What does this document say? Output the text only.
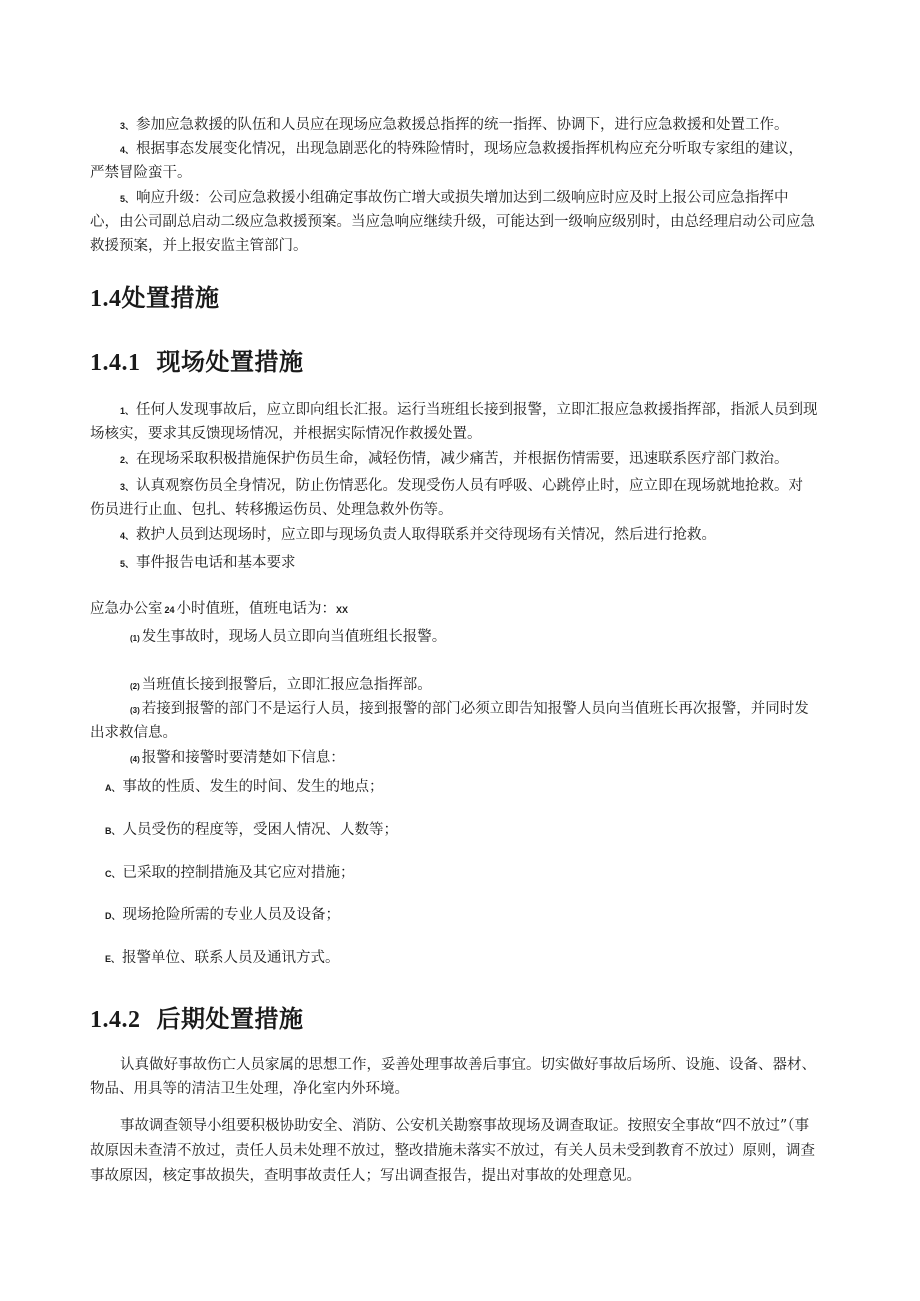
3、 参加应急救援的队伍和人员应在现场应急救援总指挥的统一指挥、协调下，进行应急救援和处置工作。

4、 根据事态发展变化情况，出现急剧恶化的特殊险情时，现场应急救援指挥机构应充分听取专家组的建议，

严禁冒险蛮干。

5、 响应升级：公司应急救援小组确定事故伤亡增大或损失增加达到二级响应时应及时上报公司应急指挥中

心，由公司副总启动二级应急救援预案。当应急响应继续升级，可能达到一级响应级别时，由总经理启动公司应急

救援预案，并上报安监主管部门。

1.4处置措施
1.4.1 现场处置措施

1、 任何人发现事故后，应立即向组长汇报。运行当班组长接到报警，立即汇报应急救援指挥部，指派人员到现

场核实，要求其反馈现场情况，并根据实际情况作救援处置。

2、 在现场采取积极措施保护伤员生命，减轻伤情，减少痛苦，并根据伤情需要，迅速联系医疗部门救治。

3、 认真观察伤员全身情况，防止伤情恶化。发现受伤人员有呼吸、心跳停止时，应立即在现场就地抢救。对

伤员进行止血、包扎、转移搬运伤员、处理急救外伤等。

4、 救护人员到达现场时，应立即与现场负责人取得联系并交待现场有关情况，然后进行抢救。

5、 事件报告电话和基本要求

应急办公室 24 小时值班，值班电话为：XX

(1) 发生事故时，现场人员立即向当值班组长报警。

(2) 当班值长接到报警后，立即汇报应急指挥部。

(3) 若接到报警的部门不是运行人员，接到报警的部门必须立即告知报警人员向当值班长再次报警，并同时发

出求救信息。

(4) 报警和接警时要清楚如下信息：

A、 事故的性质、发生的时间、发生的地点；

B、 人员受伤的程度等，受困人情况、人数等；

C、 已采取的控制措施及其它应对措施；

D、 现场抢险所需的专业人员及设备；

E、 报警单位、联系人员及通讯方式。

1.4.2 后期处置措施

认真做好事故伤亡人员家属的思想工作，妥善处理事故善后事宜。切实做好事故后场所、设施、设备、器材、

物品、用具等的清洁卫生处理，净化室内外环境。

事故调查领导小组要积极协助安全、消防、公安机关勘察事故现场及调查取证。按照安全事故“四不放过”（事

故原因未查清不放过，责任人员未处理不放过，整改措施未落实不放过，有关人员未受到教育不放过）原则，调查

事故原因，核定事故损失，查明事故责任人；写出调查报告，提出对事故的处理意见。
